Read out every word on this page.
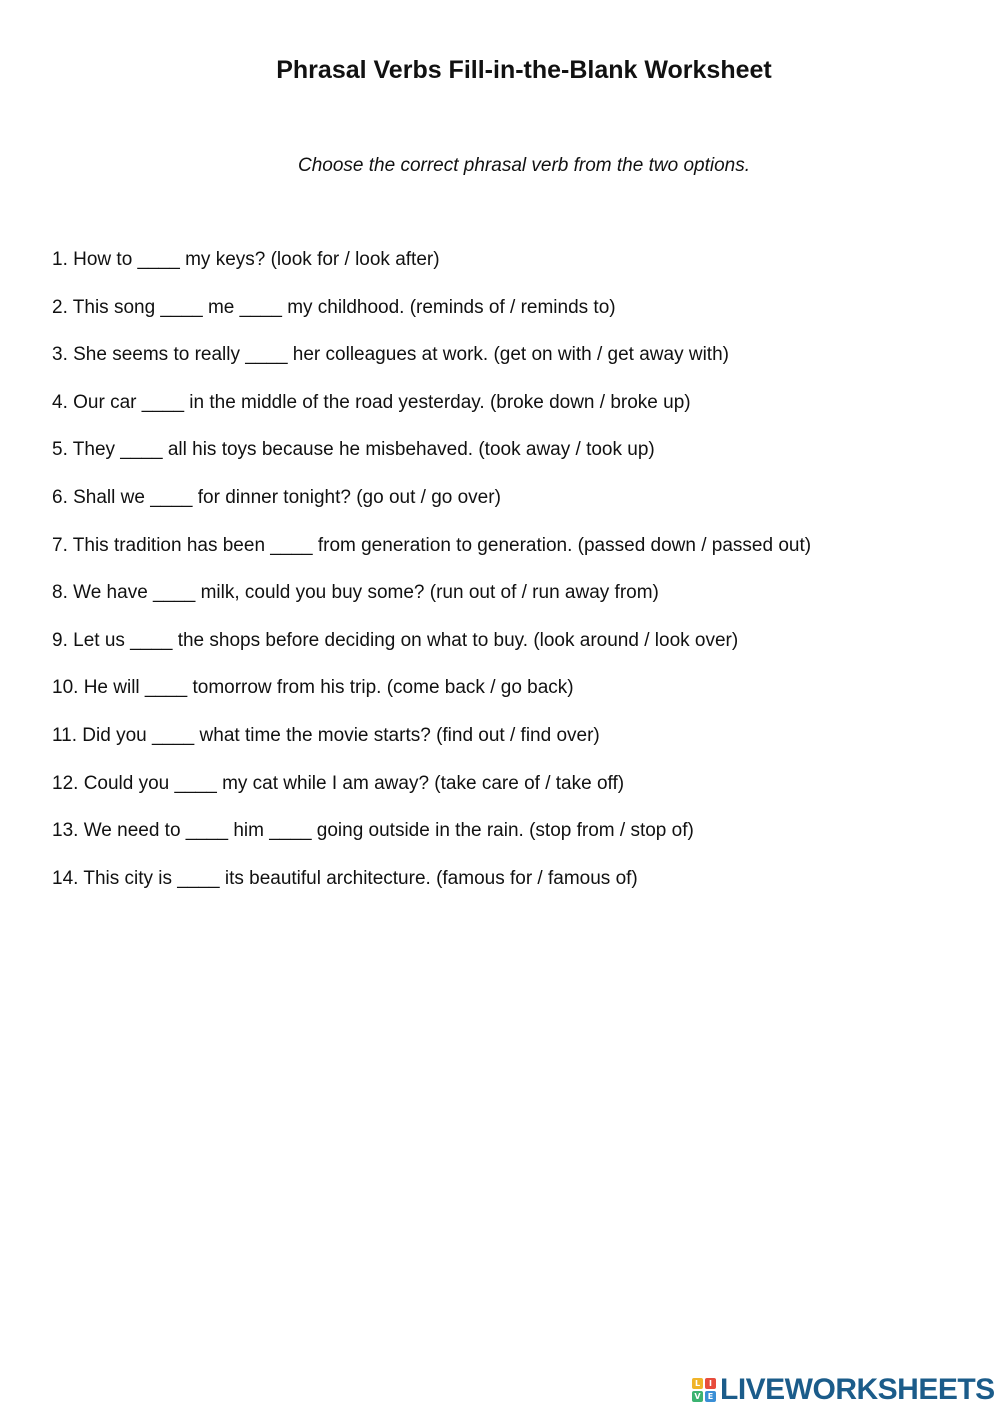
Phrasal Verbs Fill-in-the-Blank Worksheet
Choose the correct phrasal verb from the two options.
1. How to ____ my keys? (look for / look after)
2. This song ____ me ____ my childhood. (reminds of / reminds to)
3. She seems to really ____ her colleagues at work. (get on with / get away with)
4. Our car ____ in the middle of the road yesterday. (broke down / broke up)
5. They ____ all his toys because he misbehaved. (took away / took up)
6. Shall we ____ for dinner tonight? (go out / go over)
7. This tradition has been ____ from generation to generation. (passed down / passed out)
8. We have ____ milk, could you buy some? (run out of / run away from)
9. Let us ____ the shops before deciding on what to buy. (look around / look over)
10. He will ____ tomorrow from his trip. (come back / go back)
11. Did you ____ what time the movie starts? (find out / find over)
12. Could you ____ my cat while I am away? (take care of / take off)
13. We need to ____ him ____ going outside in the rain. (stop from / stop of)
14. This city is ____ its beautiful architecture. (famous for / famous of)
L	I
V E LIVEWORKSHEETS
